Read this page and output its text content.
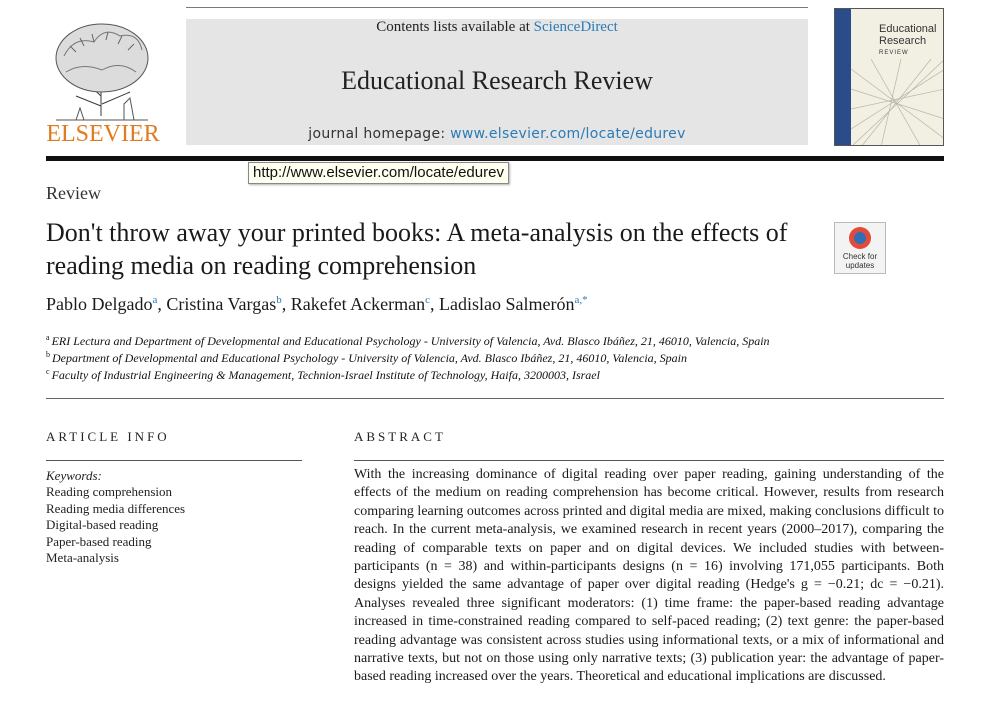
Contents lists available at ScienceDirect
Educational Research Review
journal homepage: www.elsevier.com/locate/edurev
ELSEVIER
Educational
Research
REVIEW
http://www.elsevier.com/locate/edurev
Review
Don't throw away your printed books: A meta-analysis on the effects of reading media on reading comprehension	Check for
updates
Pablo Delgado$^a$, Cristina Vargas$^b$, Rakefet Ackerman$^c$, Ladislao Salmerón$^{a,*}$
$^a$ ERI Lectura and Department of Developmental and Educational Psychology - University of Valencia, Avd. Blasco Ibáñez, 21, 46010, Valencia, Spain
$^b$ Department of Developmental and Educational Psychology - University of Valencia, Avd. Blasco Ibáñez, 21, 46010, Valencia, Spain
$^c$ Faculty of Industrial Engineering & Management, Technion-Israel Institute of Technology, Haifa, 3200003, Israel
ARTICLE INFO
Keywords:
Reading comprehension
Reading media differences
Digital-based reading
Paper-based reading
Meta-analysis
ABSTRACT

With the increasing dominance of digital reading over paper reading, gaining understanding of the effects of the medium on reading comprehension has become critical. However, results from research comparing learning outcomes across printed and digital media are mixed, making conclusions difficult to reach. In the current meta-analysis, we examined research in recent years (2000–2017), comparing the reading of comparable texts on paper and on digital devices. We included studies with between-participants (n = 38) and within-participants designs (n = 16) involving 171,055 participants. Both designs yielded the same advantage of paper over digital reading (Hedge's g = −0.21; dc = −0.21). Analyses revealed three significant moderators: (1) time frame: the paper-based reading advantage increased in time-constrained reading compared to self-paced reading; (2) text genre: the paper-based reading advantage was consistent across studies using informational texts, or a mix of informational and narrative texts, but not on those using only narrative texts; (3) publication year: the advantage of paper-based reading increased over the years. Theoretical and educational implications are discussed.
